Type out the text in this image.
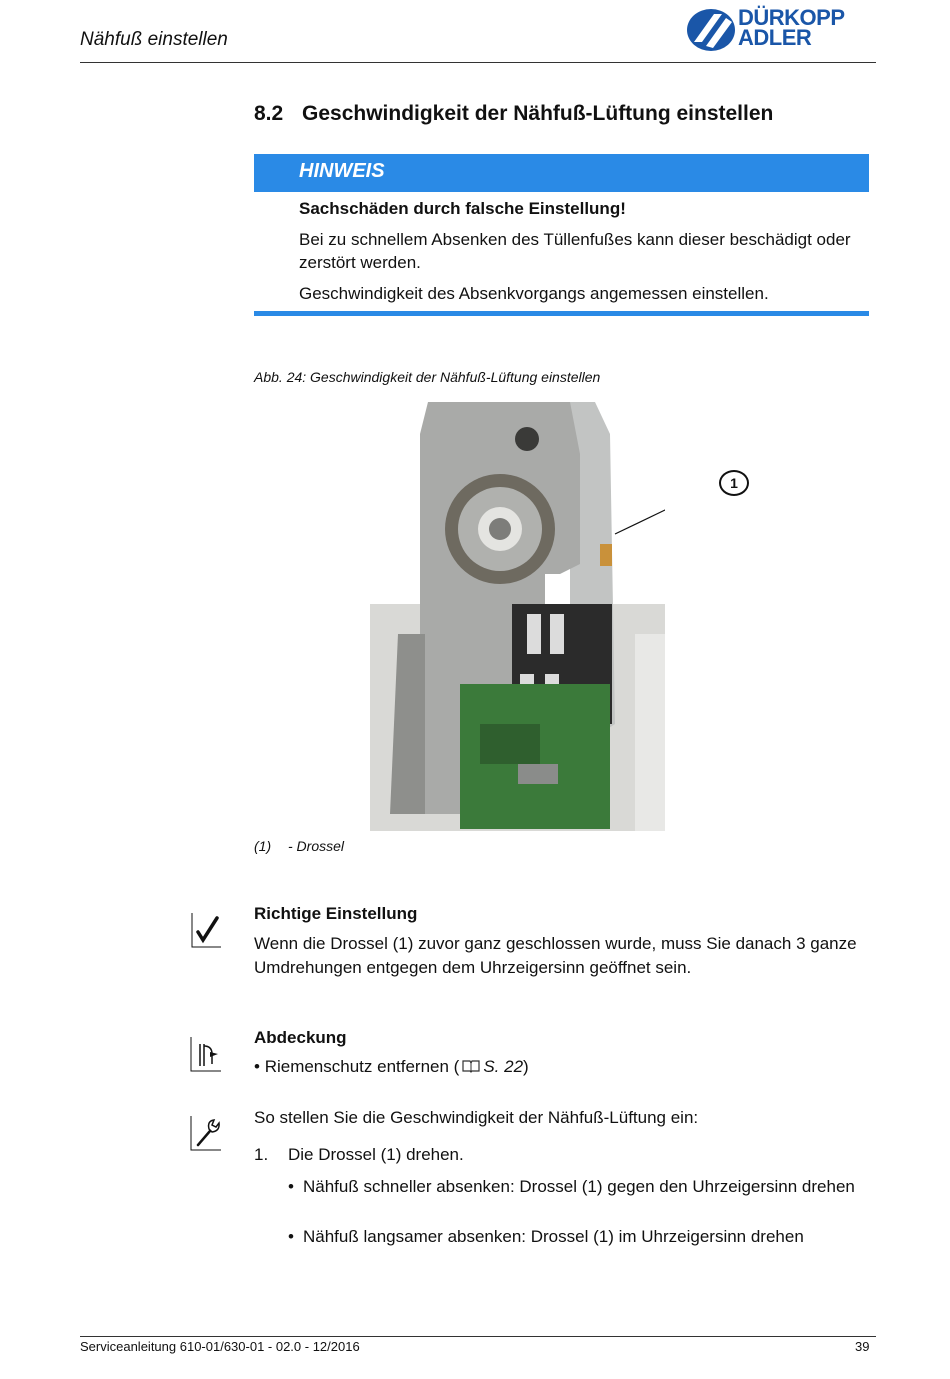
Nähfuß einstellen
DÜRKOPP
ADLER
8.2 Geschwindigkeit der Nähfuß-Lüftung einstellen
HINWEIS
Sachschäden durch falsche Einstellung!
Bei zu schnellem Absenken des Tüllenfußes kann dieser beschädigt oder zerstört werden.
Geschwindigkeit des Absenkvorgangs angemessen einstellen.
Abb. 24: Geschwindigkeit der Nähfuß-Lüftung einstellen
1
(1) - Drossel
Richtige Einstellung
Wenn die Drossel (1) zuvor ganz geschlossen wurde, muss Sie danach 3 ganze Umdrehungen entgegen dem Uhrzeigersinn geöffnet sein.
Abdeckung
• Riemenschutz entfernen ( S. 22)
So stellen Sie die Geschwindigkeit der Nähfuß-Lüftung ein:
1. Die Drossel (1) drehen.
• Nähfuß schneller absenken: Drossel (1) gegen den Uhrzeigersinn drehen
• Nähfuß langsamer absenken: Drossel (1) im Uhrzeigersinn drehen
Serviceanleitung 610-01/630-01 - 02.0 - 12/2016	39
